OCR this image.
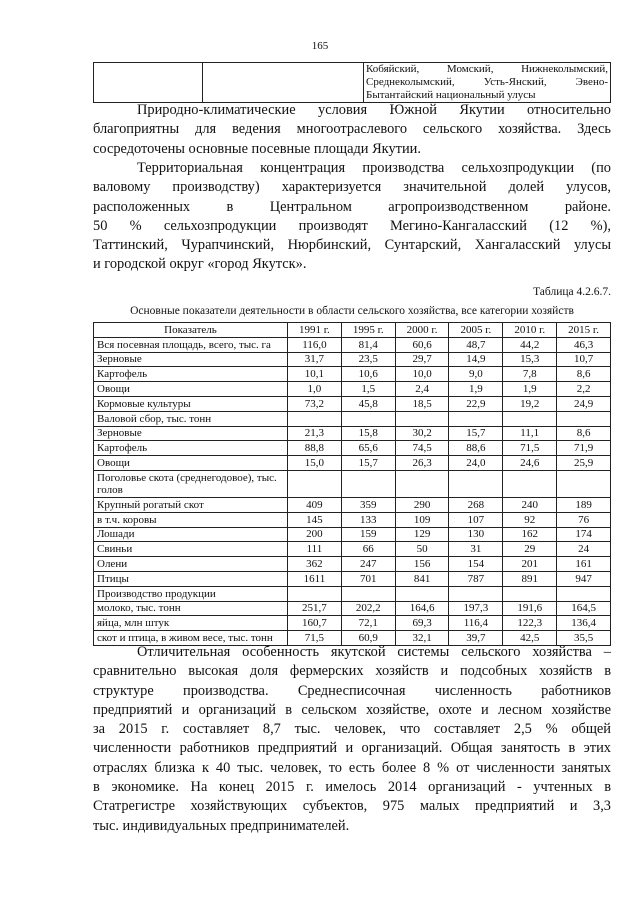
165

Кобяйский, Момский, Нижнеколымский,
Среднеколымский, Усть-Янский, Эвено-
Бытантайский национальный улусы
Природно-климатические условия Южной Якутии относительно
благоприятны для ведения многоотраслевого сельского хозяйства. Здесь
сосредоточены основные посевные площади Якутии.
Территориальная концентрация производства сельхозпродукции (по
валовому производству) характеризуется значительной долей улусов,
расположенных в Центральном агропроизводственном районе.
50 % сельхозпродукции производят Мегино-Кангаласский (12 %),
Таттинский, Чурапчинский, Нюрбинский, Сунтарский, Хангаласский улусы
и городской округ «город Якутск».
Таблица 4.2.6.7.
Основные показатели деятельности в области сельского хозяйства, все категории хозяйств
Показатель	1991 г.	1995 г.	2000 г.	2005 г.	2010 г.	2015 г.
Вся посевная площадь, всего, тыс. га	116,0	81,4	60,6	48,7	44,2	46,3
Зерновые	31,7	23,5	29,7	14,9	15,3	10,7
Картофель	10,1	10,6	10,0	9,0	7,8	8,6
Овощи	1,0	1,5	2,4	1,9	1,9	2,2
Кормовые культуры	73,2	45,8	18,5	22,9	19,2	24,9
Валовой сбор, тыс. тонн						
Зерновые	21,3	15,8	30,2	15,7	11,1	8,6
Картофель	88,8	65,6	74,5	88,6	71,5	71,9
Овощи	15,0	15,7	26,3	24,0	24,6	25,9
Поголовье скота (среднегодовое), тыс. голов						
Крупный рогатый скот	409	359	290	268	240	189
в т.ч. коровы	145	133	109	107	92	76
Лошади	200	159	129	130	162	174
Свиньи	111	66	50	31	29	24
Олени	362	247	156	154	201	161
Птицы	1611	701	841	787	891	947
Производство продукции						
молоко, тыс. тонн	251,7	202,2	164,6	197,3	191,6	164,5
яйца, млн штук	160,7	72,1	69,3	116,4	122,3	136,4
скот и птица, в живом весе, тыс. тонн	71,5	60,9	32,1	39,7	42,5	35,5
Отличительная особенность якутской системы сельского хозяйства –
сравнительно высокая доля фермерских хозяйств и подсобных хозяйств в
структуре производства. Среднесписочная численность работников
предприятий и организаций в сельском хозяйстве, охоте и лесном хозяйстве
за 2015 г. составляет 8,7 тыс. человек, что составляет 2,5 % общей
численности работников предприятий и организаций. Общая занятость в этих
отраслях близка к 40 тыс. человек, то есть более 8 % от численности занятых
в экономике. На конец 2015 г. имелось 2014 организаций - учтенных в
Статрегистре хозяйствующих субъектов, 975 малых предприятий и 3,3
тыс. индивидуальных предпринимателей.
